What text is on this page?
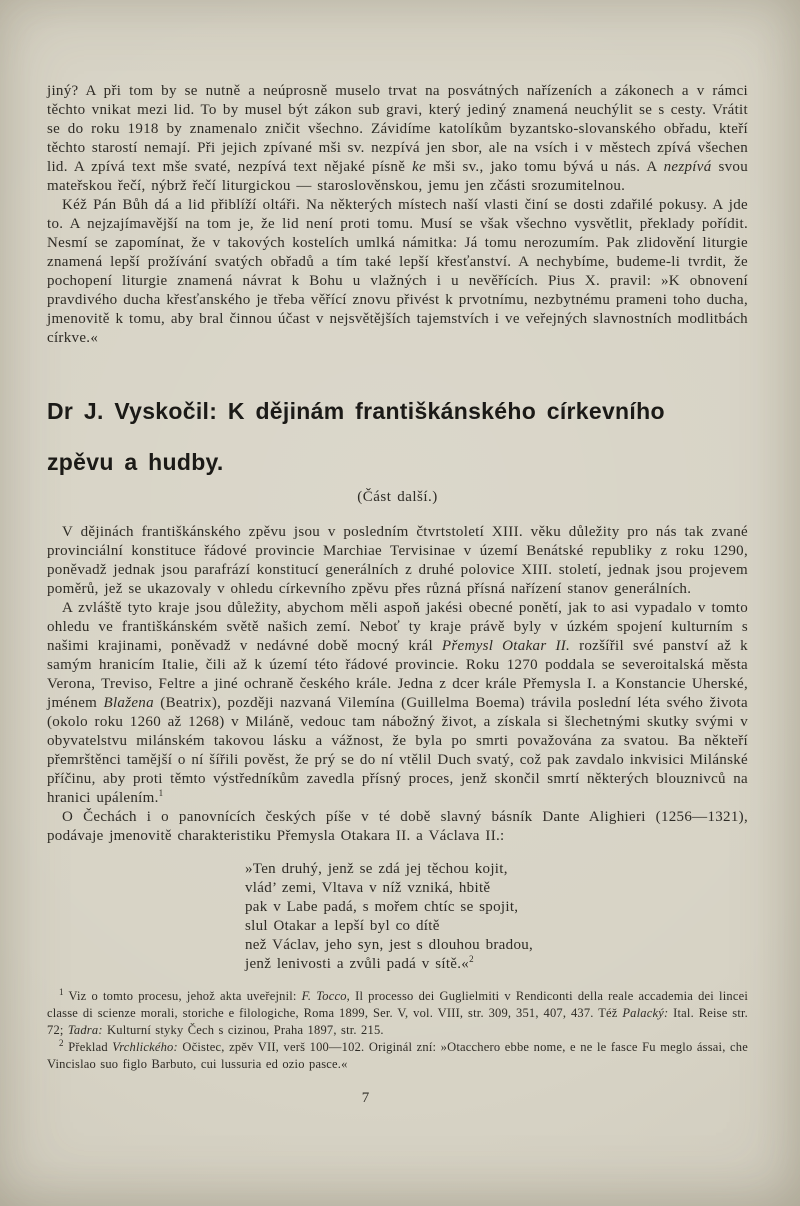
jiný? A při tom by se nutně a neúprosně muselo trvat na posvátných nařízeních a zákonech a v rámci těchto vnikat mezi lid. To by musel být zákon sub gravi, který jediný znamená neuchýlit se s cesty. Vrátit se do roku 1918 by znamenalo zničit všechno. Závidíme katolíkům byzantsko-slovanského obřadu, kteří těchto starostí nemají. Při jejich zpívané mši sv. nezpívá jen sbor, ale na vsích i v městech zpívá všechen lid. A zpívá text mše svaté, nezpívá text nějaké písně ke mši sv., jako tomu bývá u nás. A nezpívá svou mateřskou řečí, nýbrž řečí liturgickou — staroslověnskou, jemu jen zčásti srozumitelnou.

Kéž Pán Bůh dá a lid přiblíží oltáři. Na některých místech naší vlasti činí se dosti zdařilé pokusy. A jde to. A nejzajímavější na tom je, že lid není proti tomu. Musí se však všechno vysvětlit, překlady pořídit. Nesmí se zapomínat, že v takových kostelích umlká námitka: Já tomu nerozumím. Pak zlidovění liturgie znamená lepší prožívání svatých obřadů a tím také lepší křesťanství. A nechybíme, budeme-li tvrdit, že pochopení liturgie znamená návrat k Bohu u vlažných i u nevěřících. Pius X. pravil: »K obnovení pravdivého ducha křesťanského je třeba věřící znovu přivést k prvotnímu, nezbytnému prameni toho ducha, jmenovitě k tomu, aby bral činnou účast v nejsvětějších tajemstvích i ve veřejných slavnostních modlitbách církve.«

Dr J. Vyskočil: K dějinám františkánského církevního zpěvu a hudby.

(Část další.)

V dějinách františkánského zpěvu jsou v posledním čtvrtstoletí XIII. věku důležity pro nás tak zvané provinciální konstituce řádové provincie Marchiae Tervisinae v území Benátské republiky z roku 1290, poněvadž jednak jsou parafrází konstitucí generálních z druhé polovice XIII. století, jednak jsou projevem poměrů, jež se ukazovaly v ohledu církevního zpěvu přes různá přísná nařízení stanov generálních.

A zvláště tyto kraje jsou důležity, abychom měli aspoň jakési obecné ponětí, jak to asi vypadalo v tomto ohledu ve františkánském světě našich zemí. Neboť ty kraje právě byly v úzkém spojení kulturním s našimi krajinami, poněvadž v nedávné době mocný král Přemysl Otakar II. rozšířil své panství až k samým hranicím Italie, čili až k území této řádové provincie. Roku 1270 poddala se severoitalská města Verona, Treviso, Feltre a jiné ochraně českého krále. Jedna z dcer krále Přemysla I. a Konstancie Uherské, jménem Blažena (Beatrix), později nazvaná Vilemína (Guillelma Boema) trávila poslední léta svého života (okolo roku 1260 až 1268) v Miláně, vedouc tam nábožný život, a získala si šlechetnými skutky svými v obyvatelstvu milánském takovou lásku a vážnost, že byla po smrti považována za svatou. Ba někteří přemrštěnci tamější o ní šířili pověst, že prý se do ní vtělil Duch svatý, což pak zavdalo inkvisici Milánské příčinu, aby proti těmto výstředníkům zavedla přísný proces, jenž skončil smrtí některých blouznivců na hranici upálením.$^1$

O Čechách i o panovnících českých píše v té době slavný básník Dante Alighieri (1256—1321), podávaje jmenovitě charakteristiku Přemysla Otakara II. a Václava II.:

»Ten druhý, jenž se zdá jej těchou kojit,
vlád’ zemi, Vltava v níž vzniká, hbitě
pak v Labe padá, s mořem chtíc se spojit,
slul Otakar a lepší byl co dítě
než Václav, jeho syn, jest s dlouhou bradou,
jenž lenivosti a zvůli padá v sítě.«$^2$

$^1$ Viz o tomto procesu, jehož akta uveřejnil: F. Tocco, Il processo dei Guglielmiti v Rendiconti della reale accademia dei lincei classe di scienze morali, storiche e filologiche, Roma 1899, Ser. V, vol. VIII, str. 309, 351, 407, 437. Též Palacký: Ital. Reise str. 72; Tadra: Kulturní styky Čech s cizinou, Praha 1897, str. 215.

$^2$ Překlad Vrchlického: Očistec, zpěv VII, verš 100—102. Originál zní: »Otacchero ebbe nome, e ne le fasce Fu meglo ássai, che Vincislao suo figlo Barbuto, cui lussuria ed ozio pasce.«

7
